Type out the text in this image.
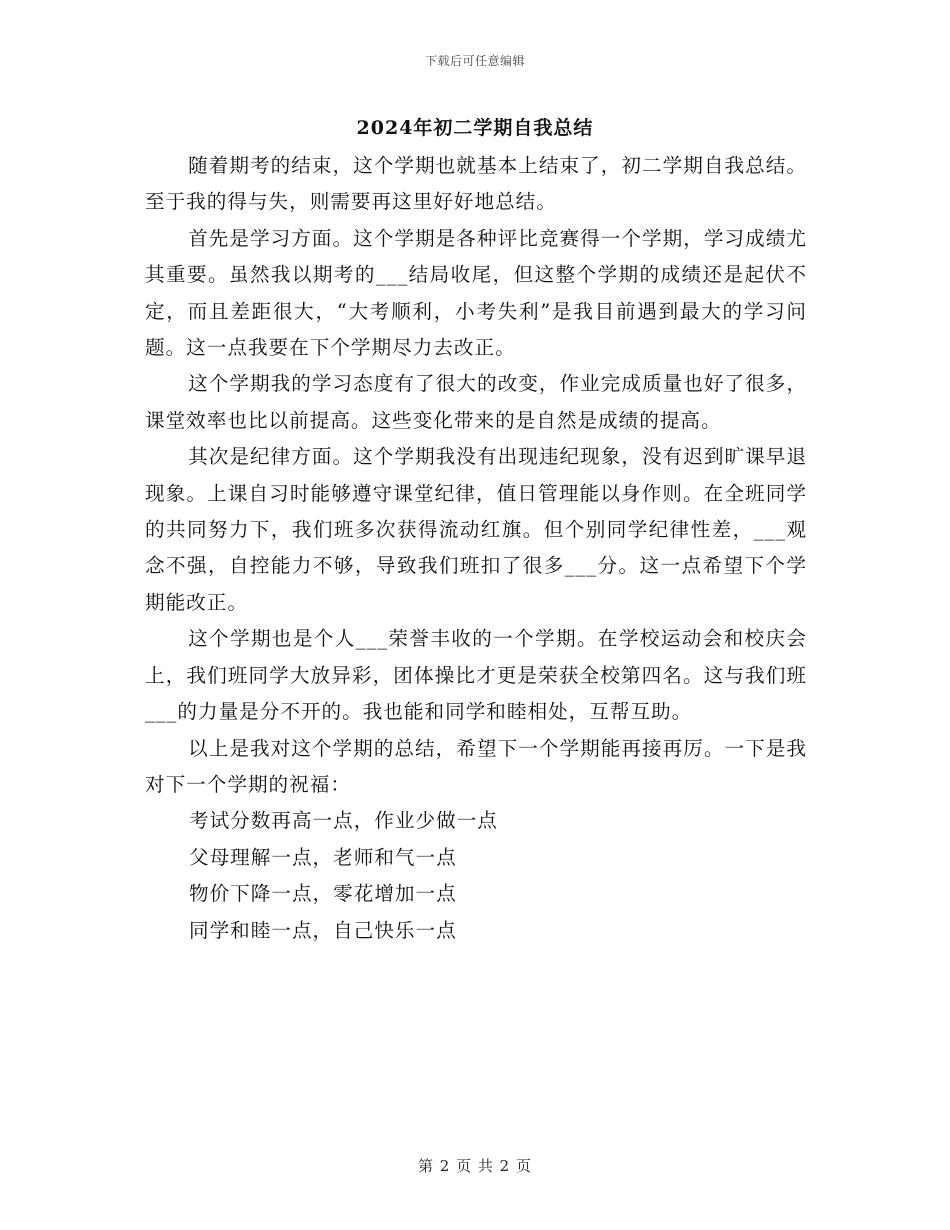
下载后可任意编辑
2024年初二学期自我总结

随着期考的结束，这个学期也就基本上结束了，初二学期自我总结。至于我的得与失，则需要再这里好好地总结。

首先是学习方面。这个学期是各种评比竞赛得一个学期，学习成绩尤其重要。虽然我以期考的___结局收尾，但这整个学期的成绩还是起伏不定，而且差距很大，“大考顺利，小考失利”是我目前遇到最大的学习问题。这一点我要在下个学期尽力去改正。

这个学期我的学习态度有了很大的改变，作业完成质量也好了很多，课堂效率也比以前提高。这些变化带来的是自然是成绩的提高。

其次是纪律方面。这个学期我没有出现违纪现象，没有迟到旷课早退现象。上课自习时能够遵守课堂纪律，值日管理能以身作则。在全班同学的共同努力下，我们班多次获得流动红旗。但个别同学纪律性差，___观念不强，自控能力不够，导致我们班扣了很多___分。这一点希望下个学期能改正。

这个学期也是个人___荣誉丰收的一个学期。在学校运动会和校庆会上，我们班同学大放异彩，团体操比才更是荣获全校第四名。这与我们班___的力量是分不开的。我也能和同学和睦相处，互帮互助。

以上是我对这个学期的总结，希望下一个学期能再接再厉。一下是我对下一个学期的祝福：

考试分数再高一点，作业少做一点

父母理解一点，老师和气一点

物价下降一点，零花增加一点

同学和睦一点，自己快乐一点

第 2 页 共 2 页
